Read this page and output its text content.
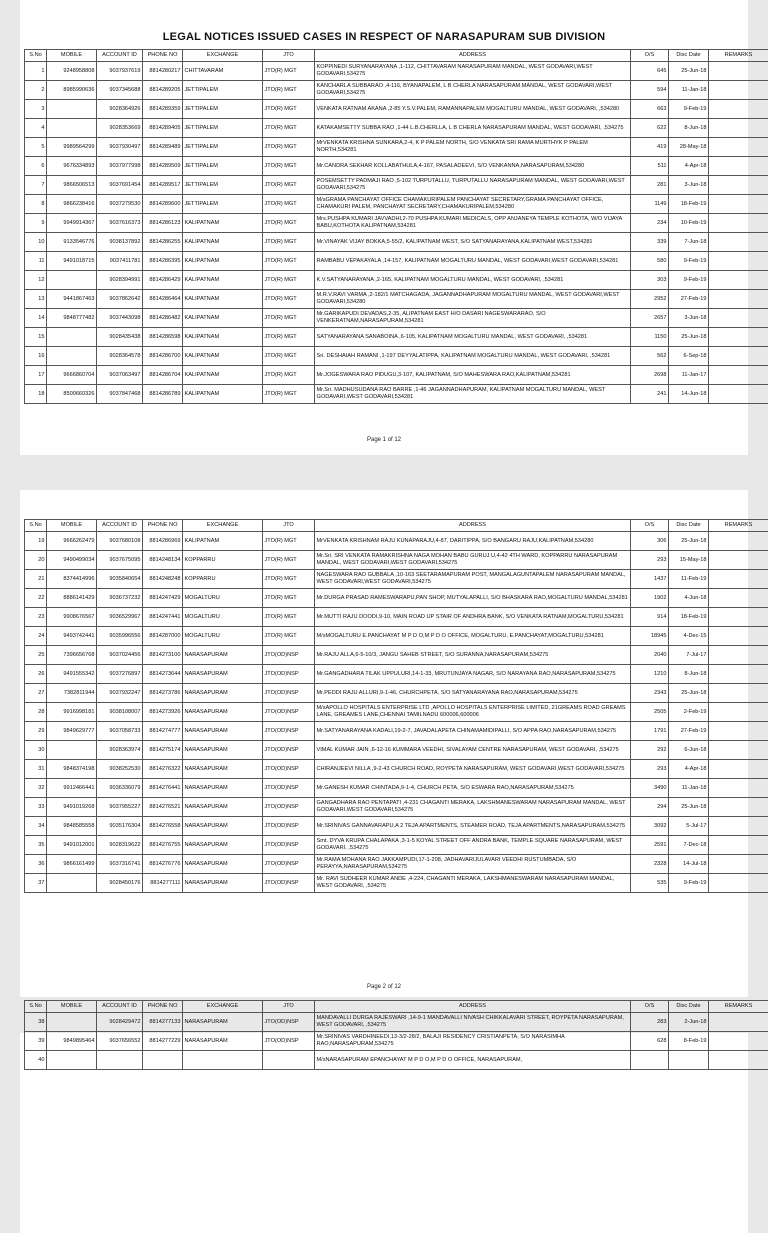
LEGAL NOTICES ISSUED CASES IN RESPECT OF NARASAPURAM SUB DIVISION
S.No	MOBILE	ACCOUNT ID	PHONE NO	EXCHANGE	JTO	ADDRESS	O/S	Disc Date	REMARKS
1	9248958808	9037937619	8814280217	CHITTAVARAM	JTO(R) MGT	KOPPINEDI SURYANARAYANA ,1-112, CHITTAVARAM NARASAPURAM MANDAL, WEST GODAVARI,WEST GODAVARI,534275	645	25-Jun-18	
2	8985990636	9037345688	8814289205	JETTIPALEM	JTO(R) MGT	KANCHARLA SUBBARAO ,4-116, BYANAPALEM, L B CHERLA NARASAPURAM MANDAL, WEST GODAVARI,WEST GODAVARI,534275	594	11-Jan-18	
3		9028364926	8814289359	JETTIPALEM	JTO(R) MGT	VENKATA RATNAM AKANA ,2-85 Y.S.V.PALEM, RAMANNAPALEM MOGALTURU MANDAL, WEST GODAVARI, ,534280	663	9-Feb-19	
4		9028353669	8814289405	JETTIPALEM	JTO(R) MGT	KATAKAMSETTY SUBBA RAO ,1-44 L.B.CHERLLA, L B CHERLA NARASAPURAM MANDAL, WEST GODAVARI, ,534275	622	8-Jun-18	
5	9989564299	9037930497	8814289489	JETTIPALEM	JTO(R) MGT	MrVENKATA KRISHNA SUNKARA,2-4, K P PALEM NORTH, S/O VENKATA SRI RAMA MURTHYK P PALEM NORTH,534281	419	28-May-18	
6	9676334893	9037977998	8814289509	JETTIPALEM	JTO(R) MGT	Mr.CANDRA SEKHAR KOLLABATHULA,4-167, PASALADEEVI, S/O VENKANNA,NARASAPURAM,534280	511	4-Apr-18	
7	9866506513	9037691454	8814289517	JETTIPALEM	JTO(R) MGT	POSEMSETTY PADMAJI RAO ,5-102 TURPUTALLU, TURPUTALLU NARASAPURAM MANDAL, WEST GODAVARI,WEST GODAVARI,534275	281	3-Jun-18	
8	9866238416	9037279530	8814289600	JETTIPALEM	JTO(R) MGT	M/sGRAMA PANCHAYAT OFFICE CHAMAKURIPALEM PANCHAYAT SECRETARY,GRAMA PANCHAYAT OFFICE, CHAMAKURI PALEM, PANCHAYAT SECRETARY,CHAMAKURIPALEM,534280	1149	18-Feb-19	
9	9949914367	9037616373	8814286123	KALIPATNAM	JTO(R) MGT	Mrs.PUSHPA KUMARI JAVVADHI,2-70 PUSHPA KUMARI MEDICALS, OPP ANJANEYA TEMPLE KOTHOTA, W/O VIJAYA BABU,KOTHOTA KALIPATNAM,534281	234	10-Feb-19	
10	9133546776	9038137892	8814286255	KALIPATNAM	JTO(R) MGT	Mr.VINAYAK VIJAY BOKKA,5-55/2, KALIPATNAM WEST, S/O SATYANARAYANA,KALIPATNAM WEST,534281	339	7-Jun-18	
11	9491018715	9037411781	8814286395	KALIPATNAM	JTO(R) MGT	RAMBABU VEPAKAYALA ,14-157, KALIPATNAM MOGALTURU MANDAL, WEST GODAVARI,WEST GODAVARI,534281	580	9-Feb-19	
12		9028394991	8814286429	KALIPATNAM	JTO(R) MGT	K.V.SATYANARAYANA ,2-165, KALIPATNAM MOGALTURU MANDAL, WEST GODAVARI, ,534281	303	9-Feb-19	
13	9441867463	9037862642	8814286464	KALIPATNAM	JTO(R) MGT	M.R.V.RAVI VARMA ,2-182/1 MATCHAGADA, JAGANNADHAPURAM MOGALTURU MANDAL, WEST GODAVARI,WEST GODAVARI,534280	2952	27-Feb-19	
14	9848777482	9037443098	8814286482	KALIPATNAM	JTO(R) MGT	Mr.GARIKAPUDI DEVADAS,2-35, ALIPATNAM EAST H/O DASARI NAGESWARARAO, S/O VENKERATNAM,NARASAPURAM,534281	2657	3-Jun-18	
15		9028435438	8814286598	KALIPATNAM	JTO(R) MGT	SATYANARAYANA SANABOINA ,6-105, KALIPATNAM MOGALTURU MANDAL, WEST GODAVARI, ,534281	1150	25-Jun-18	
16		9028364578	8814286700	KALIPATNAM	JTO(R) MGT	Sri. DESHAIAH RAMANI ,1-197 DEYYALATIPPA, KALIPATNAM MOGALTURU MANDAL, WEST GODAVARI, ,534281	562	6-Sep-18	
17	9666860704	9037063497	8814286704	KALIPATNAM	JTO(R) MGT	Mr.JOGESWARA RAO PIDUGU,3-107, KALIPATNAM, S/O MAHESWARA RAO,KALIPATNAM,534281	2698	11-Jan-17	
18	8500660326	9037847468	8814286789	KALIPATNAM	JTO(R) MGT	Mr.Sri. MADHUSUDANA RAO BARRE ,1-46 JAGANNADHAPURAM, KALIPATNAM MOGALTURU MANDAL, WEST GODAVARI,WEST GODAVARI,534281	241	14-Jun-18	
Page 1 of 12
S.No	MOBILE	ACCOUNT ID	PHONE NO	EXCHANGE	JTO	ADDRESS	O/S	Disc Date	REMARKS
19	9666262479	9037680108	8814286969	KALIPATNAM	JTO(R) MGT	MrVENKATA KRISHNAM RAJU KUNAPARAJU,4-87, DARITIPPA, S/O BANGARU RAJU,KALIPATNAM,534280	306	25-Jun-18	
20	9490499034	9037675095	8814248134	KOPPARRU	JTO(R) MGT	Mr.Sri. SRI VENKATA RAMAKRISHNA NAGA MOHAN BABU GURUJ U,4-42 4TH WARD, KOPPARRU NARASAPURAM MANDAL, WEST GODAVARI,WEST GODAVARI,534275	293	15-May-18	
21	8374414996	9035840654	8814248248	KOPPARRU	JTO(R) MGT	NAGESWARA RAO GUBBALA ,10-163 SEETARAMAPURAM POST, MANGALAGUNTAPALEM NARASAPURAM MANDAL, WEST GODAVARI,WEST GODAVARI,534275	1437	11-Feb-19	
22	8886141429	9036737232	8814247429	MOGALTURU	JTO(R) MGT	Mr.DURGA PRASAD RAMESWARAPU,PAN SHOP, MUTYALAPALLI, S/O BHASKARA RAO,MOGALTURU MANDAL,534281	1902	4-Jun-18	
23	9908676567	9036529967	8814247441	MOGALTURU	JTO(R) MGT	Mr.MUTTI RAJU DOODI,9-10, MAIN ROAD UP STAIR OF ANDHRA BANK, S/O VENKATA RATNAM,MOGALTURU,534281	914	18-Feb-19	
24	9493742441	9035996556	8814287000	MOGALTURU	JTO(R) MGT	M/sMOGALTURU E.PANCHAYAT M P D O,M P D O OFFICE, MOGALTURU, E.PANCHAYAT,MOGALTURU,534281	18945	4-Dec-15	
25	7396656768	9037024456	8814273100	NARASAPURAM	JTO(OD)NSP	Mr.RAJU ALLA,6-5-10/3, JANGU SAHEB STREET, S/O SURANNA,NARASAPURAM,534275	2040	7-Jul-17	
26	9491555342	9037276897	8814273644	NARASAPURAM	JTO(OD)NSP	Mr.GANGADHARA TILAK UPPULURI,14-1-33, MRUTUNJAYA NAGAR, S/O NARAYANA RAO,NARASAPURAM,534275	1210	8-Jun-18	
27	7382811944	9037932247	8814273786	NARASAPURAM	JTO(OD)NSP	Mr.PEDDI RAJU ALLURI,9-1-46, CHURCHPETA, S/O SATYANARAYANA RAO,NARASAPURAM,534275	2343	25-Jun-18	
28	9916998181	9038108007	8814273926	NARASAPURAM	JTO(OD)NSP	M/sAPOLLO HOSPITALS ENTERPRISE LTD ,APOLLO HOSPITALS ENTERPRISE LIMITED, 21GREAMS ROAD GREAMS LANE, GREAMES LANE,CHENNAI TAMILNADU 600006,600006	2505	2-Feb-19	
29	9849629777	9037058733	8814274777	NARASAPURAM	JTO(OD)NSP	Mr.SATYANARAYANA KADALI,19-2-7, JAVADALAPETA CHINAMAMIDIPALLI, S/O APPA RAO,NARASAPURAM,534275	1791	27-Feb-19	
30		9028363974	8814275174	NARASAPURAM	JTO(OD)NSP	VIMAL KUMAR JAIN ,6-12-16 KUMMARA VEEDHI, SIVALAYAM CENTRE NARASAPURAM, WEST GODAVARI, ,534275	292	6-Jun-18	
31	9848374198	9038252530	8814276322	NARASAPURAM	JTO(OD)NSP	CHIRANJEEVI NILLA ,9-2-43 CHURCH ROAD, ROYPETA NARASAPURAM, WEST GODAVARI,WEST GODAVARI,534275	293	4-Apr-18	
32	9912466441	9036336079	8814276441	NARASAPURAM	JTO(OD)NSP	Mr.GANESH KUMAR CHINTADA,9-1-4, CHURCH PETA, S/O ESWARA RAO,NARASAPURAM,534275	3490	11-Jan-18	
33	9491019268	9037955227	8814276521	NARASAPURAM	JTO(OD)NSP	GANGADHARA RAO PENTAPATI ,4-231 CHAGANTI MERAKA, LAKSHMANESWARAM NARASAPURAM MANDAL, WEST GODAVARI,WEST GODAVARI,534275	294	25-Jun-18	
34	9848585558	9035176304	8814276558	NARASAPURAM	JTO(OD)NSP	Mr.SRINIVAS GANNAVARAPU,A 2 TEJA APARTMENTS, STEAMER ROAD, TEJA APARTMENTS,NARASAPURAM,534275	3092	5-Jul-17	
35	9491012001	9028319622	8814276755	NARASAPURAM	JTO(OD)NSP	Smt. DYVA KRUPA CHALAPAKA ,3-1-5 KOYAL STREET OFF ANDRA BANK, TEMPLE SQUARE NARASAPURAM, WEST GODAVARI, ,534275	2591	7-Dec-18	
36	9866161499	9037316741	8814276776	NARASAPURAM	JTO(OD)NSP	Mr.RAMA MOHANA RAO JAKKAMPUDI,17-1-208, JADHAVARIJULAVARI VEEDHI RUSTUMBADA, S/O PERAYYA,NARASAPURAM,534275	2328	14-Jul-18	
37		9028450176	8814277111	NARASAPURAM	JTO(OD)NSP	Mr. RAVI SUDHEER KUMAR ANDE ,4-224, CHAGANTI MERAKA, LAKSHMANESWARAM NARASAPURAM MANDAL, WEST GODAVARI, ,534275	535	9-Feb-19	
Page 2 of 12
S.No	MOBILE	ACCOUNT ID	PHONE NO	EXCHANGE	JTO	ADDRESS	O/S	Disc Date	REMARKS
38		9028429472	8814277133	NARASAPURAM	JTO(OD)NSP	MANDAVALLI DURGA RAJESWARI ,14-9-1 MANDAVALLI NIVASH CHIKKALAVARI STREET, ROYPETA NARASAPURAM, WEST GODAVARI, ,534275	283	2-Jun-18	
39	9849895464	9037656552	8814277229	NARASAPURAM	JTO(OD)NSP	Mr.SRINIVAS VARDHINEEDI,13-3/2-28/2, BALAJI RESIDENCY CRISTIANPETA, S/O NARASIMHA RAO,NARASAPURAM,534275	628	8-Feb-19	
40						M/sNARASAPURAM EPANCHAYAT M P D O,M P D O OFFICE, NARASAPURAM,			
